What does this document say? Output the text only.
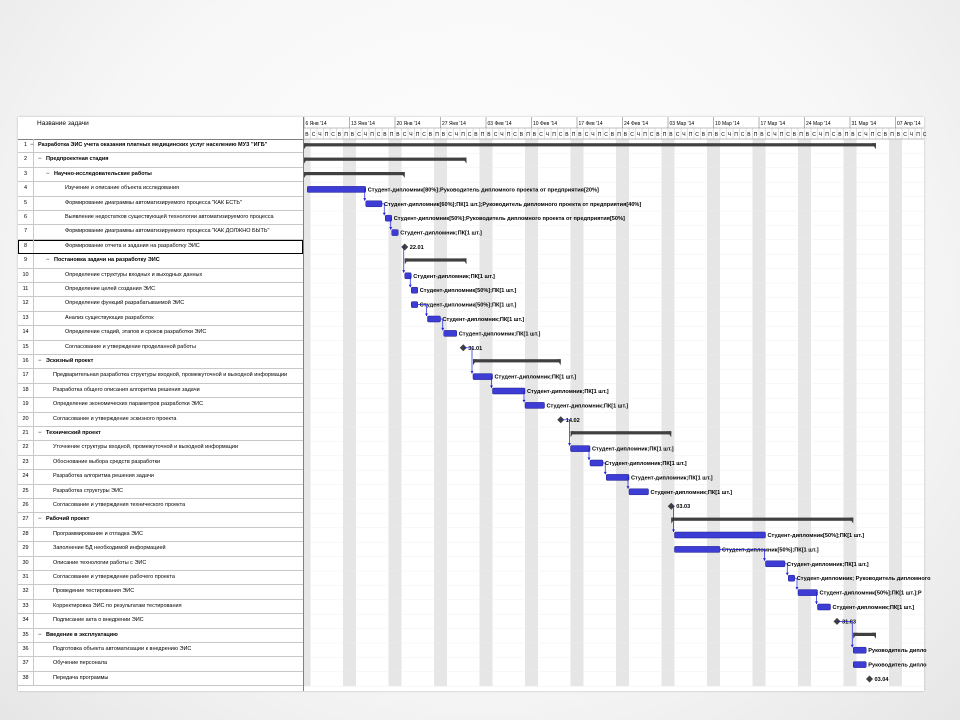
Название задачи
1 − Разработка ЭИС учета оказания платных медицинских услуг населению МУЗ "ИГБ"
2	− Предпроектная стадия
3	− Научно-исследовательские работы
4	Изучение и описание объекта исследования
5	Формирование диаграммы автоматизируемого процесса "КАК ЕСТЬ"
6	Выявление недостатков существующей технологии автоматизируемого процесса
7	Формирование диаграммы автоматизируемого процесса "КАК ДОЛЖНО БЫТЬ"
8	Формирование отчета и задания на разработку ЭИС
9	− Постановка задачи на разработку ЭИС
10	Определение структуры входных и выходных данных
11	Определение целей создания ЭИС
12	Определение функций разрабатываемой ЭИС
13	Анализ существующих разработок
14	Определение стадий, этапов и сроков разработки ЭИС
15	Согласование и утверждение проделанной работы
16	− Эскизный проект
17	Предварительная разработка структуры входной, промежуточной и выходной информации
18	Разработка общего описания алгоритма решения задачи
19	Определение экономических параметров разработки ЭИС
20	Согласование и утверждение эскизного проекта
21	− Технический проект
22	Уточнение структуры входной, промежуточной и выходной информации
23	Обоснование выбора средств разработки
24	Разработка алгоритма решения задачи
25	Разработка структуры ЭИС
26	Согласование и утверждения технического проекта
27	− Рабочий проект
28	Программирование и отладка ЭИС
29	Заполнение БД необходимой информацией
30	Описание технологии работы с ЭИС
31	Согласование и утверждение рабочего проекта
32	Проведение тестирования ЭИС
33	Корректировка ЭИС по результатам тестирования
34	Подписание акта о внедрении ЭИС
35	− Введение в эксплуатацию
36	Подготовка объекта автоматизации к внедрению ЭИС
37	Обучение персонала
38	Передача программы
6 Янв '14	13 Янв '14	20 Янв '14	27 Янв '14	03 Фев '14	10 Фев '14	17 Фев '14	24 Фев '14	03 Мар '14	10 Мар '14	17 Мар '14	24 Мар '14	31 Мар '14	07 Апр '14
В С Ч П С В П В С Ч П С В П В С Ч П С В П В С Ч П С В П В С Ч П С В П В С Ч П С В П В С Ч П С В П В С Ч П С В П В С Ч П С В П В С Ч П С В П В С Ч П С В П В С Ч П С В П В С Ч П С В П В С Ч П С
Студент-дипломник[80%];Руководитель дипломного проекта от предприятия[20%]
Студент-дипломник[60%];ПК[1 шт.];Руководитель дипломного проекта от предприятия[40%]
Студент-дипломник[50%];Руководитель дипломного проекта от предприятия[50%]
Студент-дипломник;ПК[1 шт.]
22.01
Студент-дипломник;ПК[1 шт.]
Студент-дипломник[50%];ПК[1 шт.]
Студент-дипломник[50%];ПК[1 шт.]
Студент-дипломник;ПК[1 шт.]
Студент-дипломник;ПК[1 шт.]
31.01
Студент-дипломник;ПК[1 шт.]
Студент-дипломник;ПК[1 шт.]
Студент-дипломник;ПК[1 шт.]
14.02
Студент-дипломник;ПК[1 шт.]
Студент-дипломник;ПК[1 шт.]
Студент-дипломник;ПК[1 шт.]
Студент-дипломник;ПК[1 шт.]
03.03
Студент-дипломник[50%];ПК[1 шт.]
Студент-дипломник[50%];ПК[1 шт.]
Студент-дипломник;ПК[1 шт.]
Студент-дипломник; Руководитель дипломного
Студент-дипломник[50%];ПК[1 шт.];Р
Студент-дипломник;ПК[1 шт.]
31.03
Руководитель дипло
Руководитель дипло
03.04
